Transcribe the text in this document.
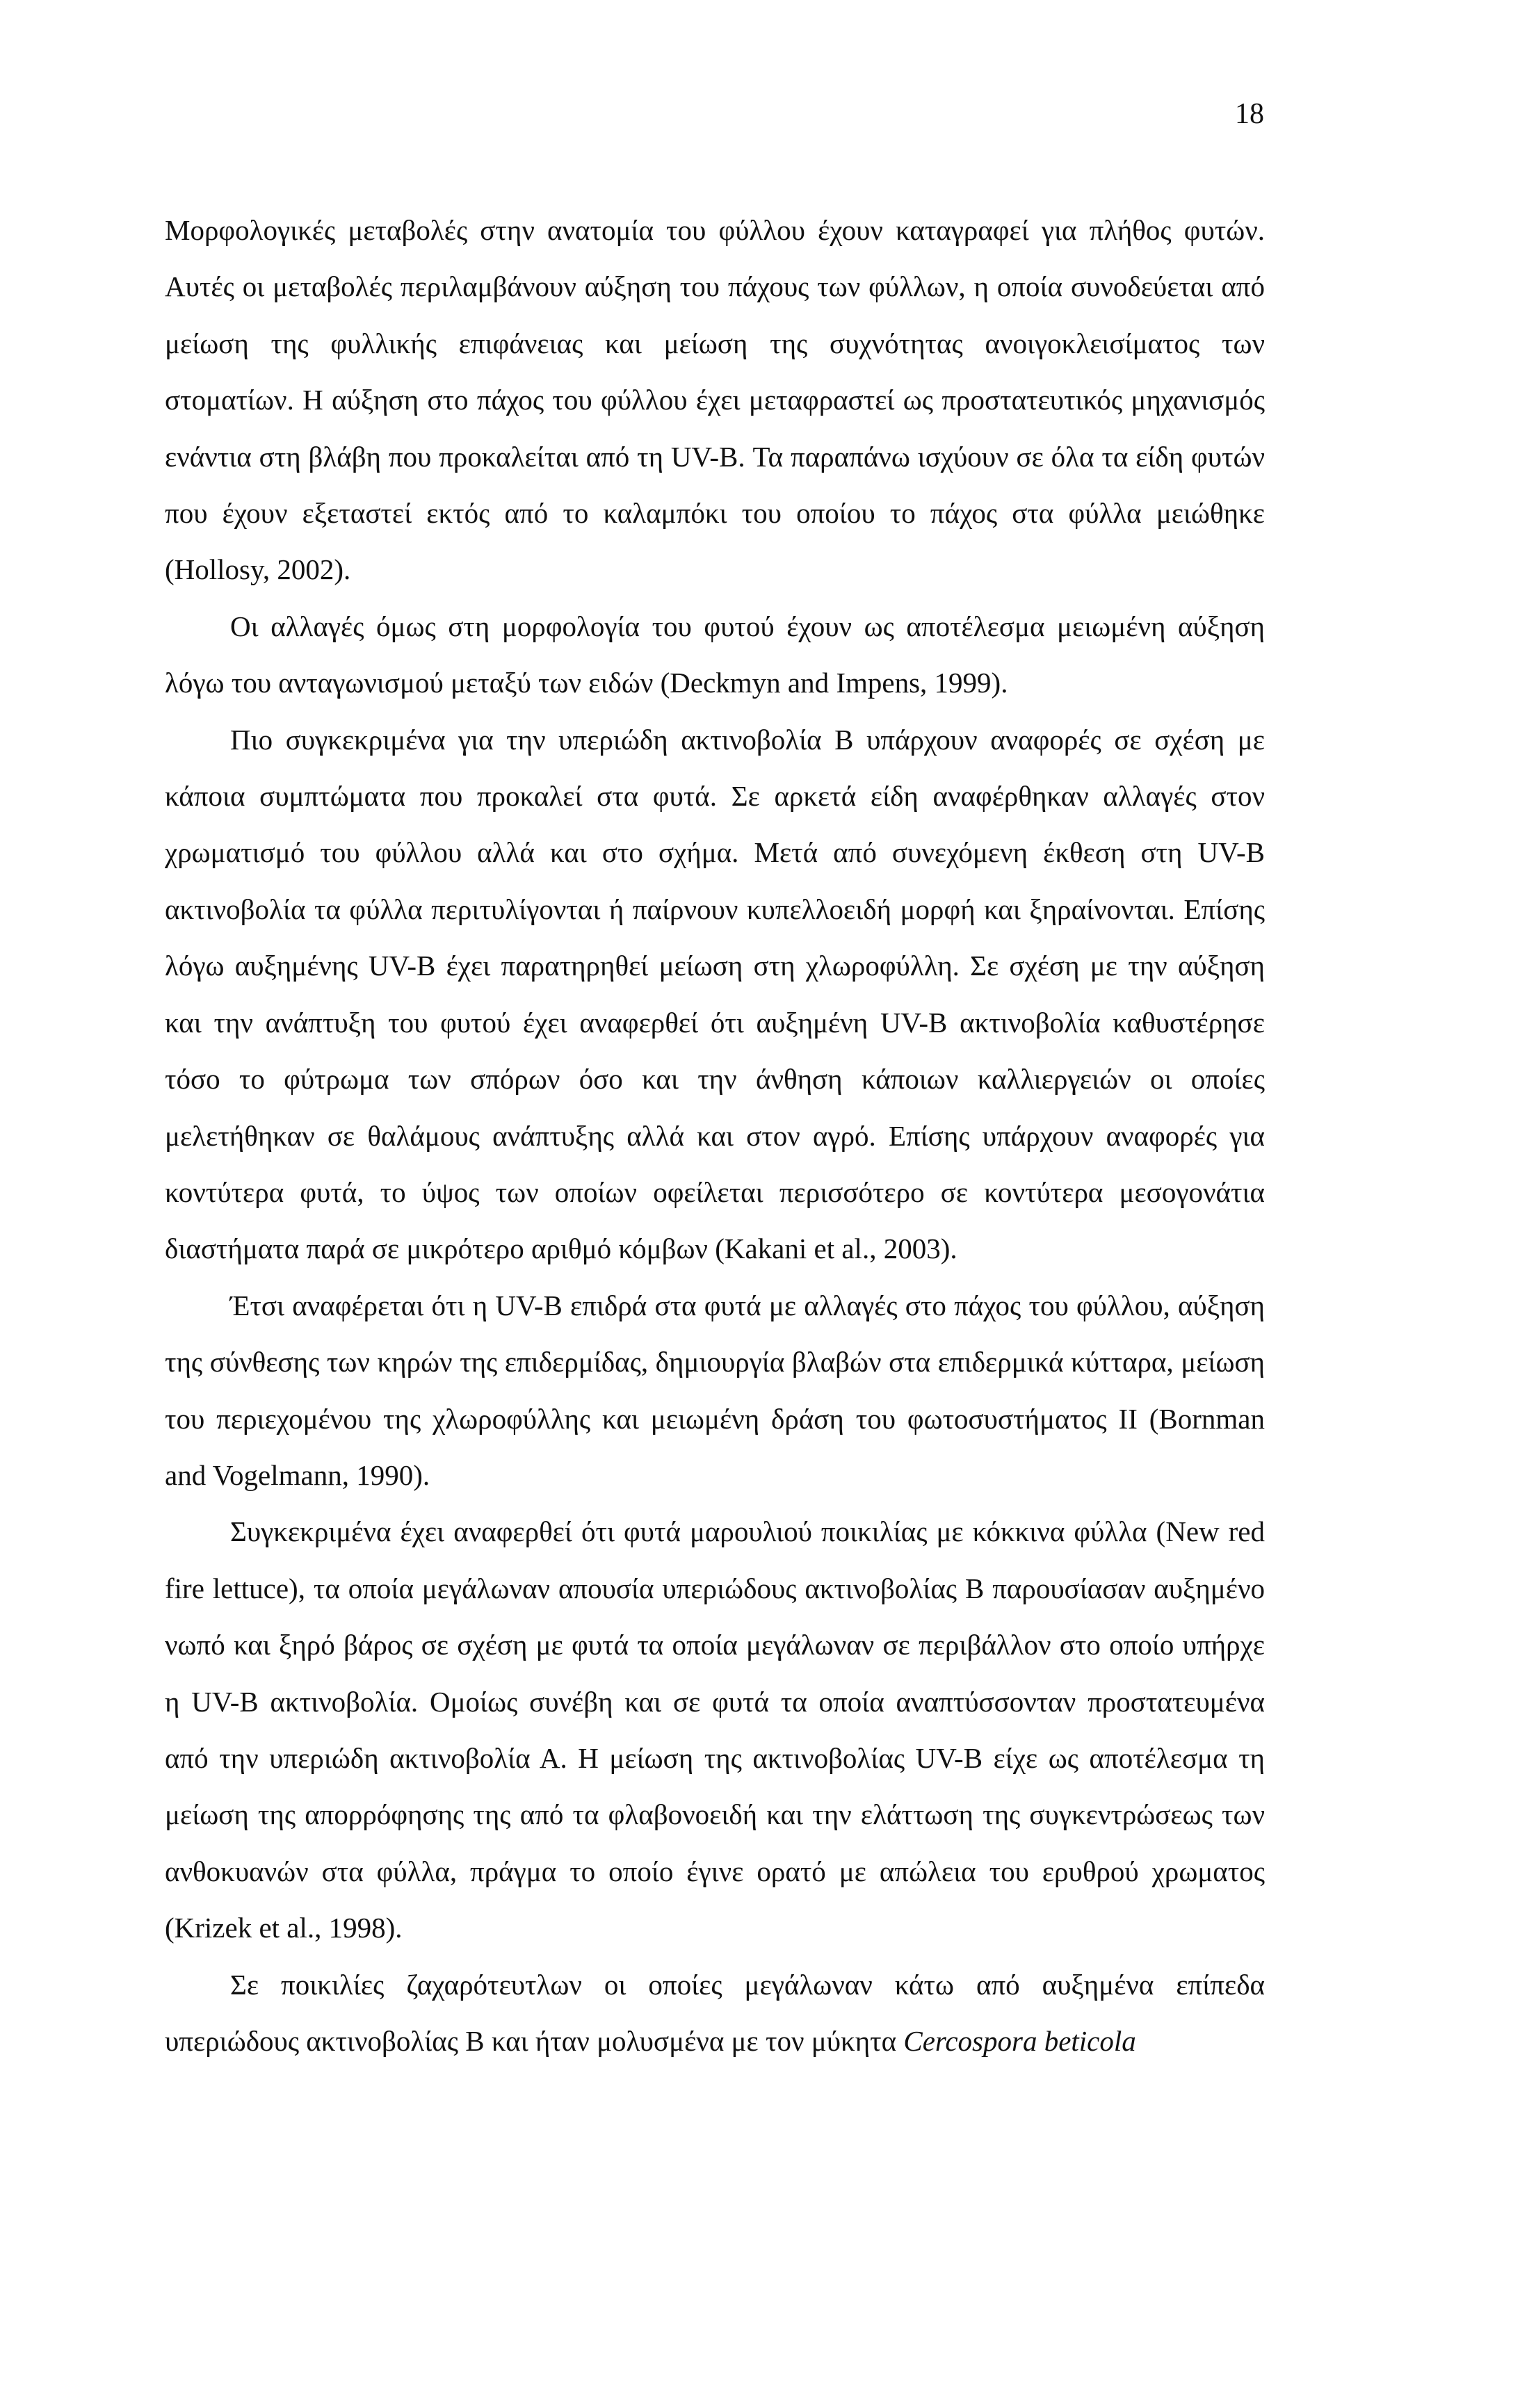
18

Μορφολογικές μεταβολές στην ανατομία του φύλλου έχουν καταγραφεί για πλήθος φυτών. Αυτές οι μεταβολές περιλαμβάνουν αύξηση του πάχους των φύλλων, η οποία συνοδεύεται από μείωση της φυλλικής επιφάνειας και μείωση της συχνότητας ανοιγοκλεισίματος των στοματίων. Η αύξηση στο πάχος του φύλλου έχει μεταφραστεί ως προστατευτικός μηχανισμός ενάντια στη βλάβη που προκαλείται από τη UV-B. Τα παραπάνω ισχύουν σε όλα τα είδη φυτών που έχουν εξεταστεί εκτός από το καλαμπόκι του οποίου το πάχος στα φύλλα μειώθηκε (Hollosy, 2002).

Οι αλλαγές όμως στη μορφολογία του φυτού έχουν ως αποτέλεσμα μειωμένη αύξηση λόγω του ανταγωνισμού μεταξύ των ειδών (Deckmyn and Impens, 1999).

Πιο συγκεκριμένα για την υπεριώδη ακτινοβολία Β υπάρχουν αναφορές σε σχέση με κάποια συμπτώματα που προκαλεί στα φυτά. Σε αρκετά είδη αναφέρθηκαν αλλαγές στον χρωματισμό του φύλλου αλλά και στο σχήμα. Μετά από συνεχόμενη έκθεση στη UV-B ακτινοβολία τα φύλλα περιτυλίγονται ή παίρνουν κυπελλοειδή μορφή και ξηραίνονται. Επίσης λόγω αυξημένης UV-B έχει παρατηρηθεί μείωση στη χλωροφύλλη. Σε σχέση με την αύξηση και την ανάπτυξη του φυτού έχει αναφερθεί ότι αυξημένη UV-B ακτινοβολία καθυστέρησε τόσο το φύτρωμα των σπόρων όσο και την άνθηση κάποιων καλλιεργειών οι οποίες μελετήθηκαν σε θαλάμους ανάπτυξης αλλά και στον αγρό. Επίσης υπάρχουν αναφορές για κοντύτερα φυτά, το ύψος των οποίων οφείλεται περισσότερο σε κοντύτερα μεσογονάτια διαστήματα παρά σε μικρότερο αριθμό κόμβων (Kakani et al., 2003).

Έτσι αναφέρεται ότι η UV-B επιδρά στα φυτά με αλλαγές στο πάχος του φύλλου, αύξηση της σύνθεσης των κηρών της επιδερμίδας, δημιουργία βλαβών στα επιδερμικά κύτταρα, μείωση του περιεχομένου της χλωροφύλλης και μειωμένη δράση του φωτοσυστήματος II (Bornman and Vogelmann, 1990).

Συγκεκριμένα έχει αναφερθεί ότι φυτά μαρουλιού ποικιλίας με κόκκινα φύλλα (New red fire lettuce), τα οποία μεγάλωναν απουσία υπεριώδους ακτινοβολίας Β παρουσίασαν αυξημένο νωπό και ξηρό βάρος σε σχέση με φυτά τα οποία μεγάλωναν σε περιβάλλον στο οποίο υπήρχε η UV-B ακτινοβολία. Ομοίως συνέβη και σε φυτά τα οποία αναπτύσσονταν προστατευμένα από την υπεριώδη ακτινοβολία Α. Η μείωση της ακτινοβολίας UV-B είχε ως αποτέλεσμα τη μείωση της απορρόφησης της από τα φλαβονοειδή και την ελάττωση της συγκεντρώσεως των ανθοκυανών στα φύλλα, πράγμα το οποίο έγινε ορατό με απώλεια του ερυθρού χρωματος (Krizek et al., 1998).

Σε ποικιλίες ζαχαρότευτλων οι οποίες μεγάλωναν κάτω από αυξημένα επίπεδα υπεριώδους ακτινοβολίας Β και ήταν μολυσμένα με τον μύκητα Cercospora beticola
